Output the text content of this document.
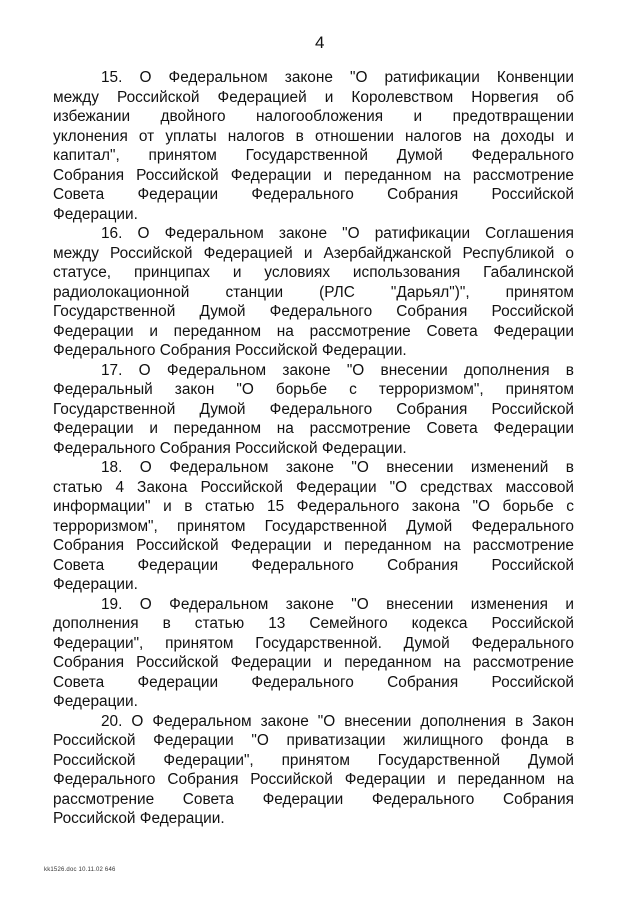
4
15. О Федеральном законе "О ратификации Конвенции
между Российской Федерацией и Королевством Норвегия об
избежании двойного налогообложения и предотвращении
уклонения от уплаты налогов в отношении налогов на доходы и
капитал", принятом Государственной Думой Федерального
Собрания Российской Федерации и переданном на рассмотрение
Совета Федерации Федерального Собрания Российской
Федерации.
16. О Федеральном законе "О ратификации Соглашения
между Российской Федерацией и Азербайджанской Республикой о
статусе, принципах и условиях использования Габалинской
радиолокационной станции (РЛС "Дарьял")", принятом
Государственной Думой Федерального Собрания Российской
Федерации и переданном на рассмотрение Совета Федерации
Федерального Собрания Российской Федерации.
17. О Федеральном законе "О внесении дополнения в
Федеральный закон "О борьбе с терроризмом", принятом
Государственной Думой Федерального Собрания Российской
Федерации и переданном на рассмотрение Совета Федерации
Федерального Собрания Российской Федерации.
18. О Федеральном законе "О внесении изменений в
статью 4 Закона Российской Федерации "О средствах массовой
информации" и в статью 15 Федерального закона "О борьбе с
терроризмом", принятом Государственной Думой Федерального
Собрания Российской Федерации и переданном на рассмотрение
Совета Федерации Федерального Собрания Российской
Федерации.
19. О Федеральном законе "О внесении изменения и
дополнения в статью 13 Семейного кодекса Российской
Федерации", принятом Государственной. Думой Федерального
Собрания Российской Федерации и переданном на рассмотрение
Совета Федерации Федерального Собрания Российской
Федерации.
20. О Федеральном законе "О внесении дополнения в Закон
Российской Федерации "О приватизации жилищного фонда в
Российской Федерации", принятом Государственной Думой
Федерального Собрания Российской Федерации и переданном на
рассмотрение Совета Федерации Федерального Собрания
Российской Федерации.
kk1526.doc 10.11.02 646
